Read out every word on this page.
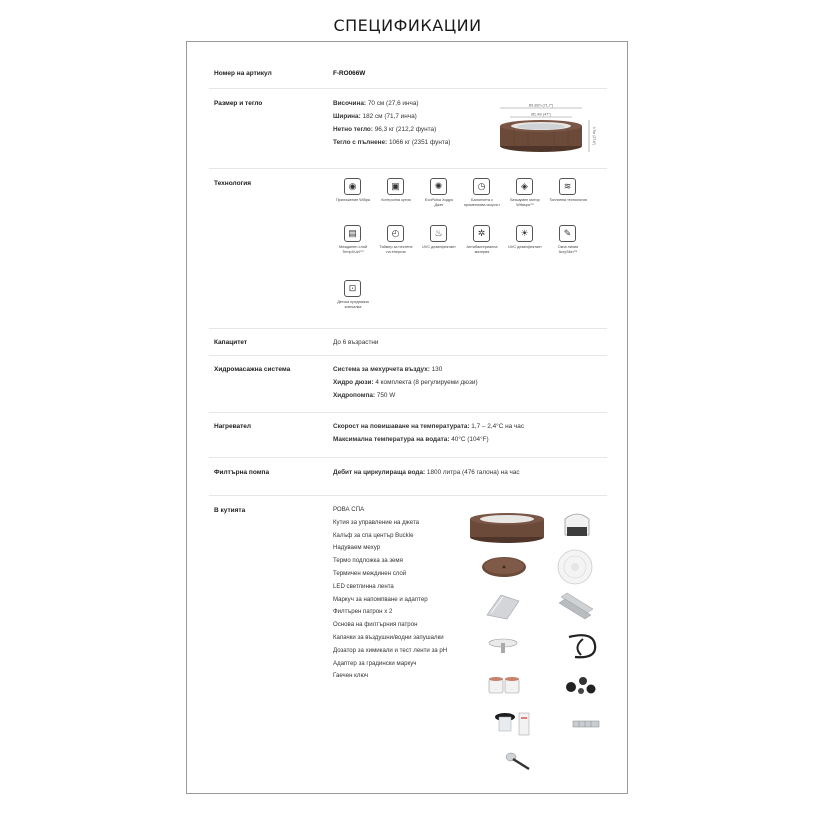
СПЕЦИФИКАЦИИ
Номер на артикул	F-RO066W
Размер и тегло	Височина: 70 см (27,6 инча)
Ширина: 182 см (71,7 инча)
Нетно тегло: 96,3 кг (212,2 фунта)
Тегло с пълнене: 1066 кг (2351 фунта)
Ø1.82m (71.7")
Ø1.4m (47")
0.7m (27.6")
Технология	◉
Приложение Wi5pa
▣
Контролна кутия
✺
EcoPulsa Хидро Джет
◷
Балончета с променлива скорост
◈
Безшумен мотор Wifaspa™
≋
Топлинна технология
▤
Междинен слой TempX∪el™
◴
Таймер за пестене на енергия
♨
UVC дезинфектант
✲
Антибактериална материя
☀
UVC дезинфектант
✎
Окна линия AcrySkin™
⊡
Детска предпазна ключалка
Капацитет	До 6 възрастни
Хидромасажна система	Система за мехурчета въздух: 130
Хидро дюзи: 4 комплекта (8 регулируеми дюзи)
Хидропомпа: 750 W
Нагревател	Скорост на повишаване на температурата: 1,7 – 2,4°C на час
Максимална температура на водата: 40°C (104°F)
Филтърна помпа	Дебит на циркулираща вода: 1800 литра (476 галона) на час
В кутията	РОВА СПА
Кутия за управление на джета
Калъф за спа център Buckle
Надуваем мехур
Термо подложка за земя
Термичен междинен слой
LED светлинна лента
Маркуч за напомпване и адаптер
Филтърен патрон x 2
Основа на филтърния патрон
Капачки за въздушни/водни запушалки
Дозатор за химикали и тест ленти за pH
Адаптер за градински маркуч
Гаечен ключ
